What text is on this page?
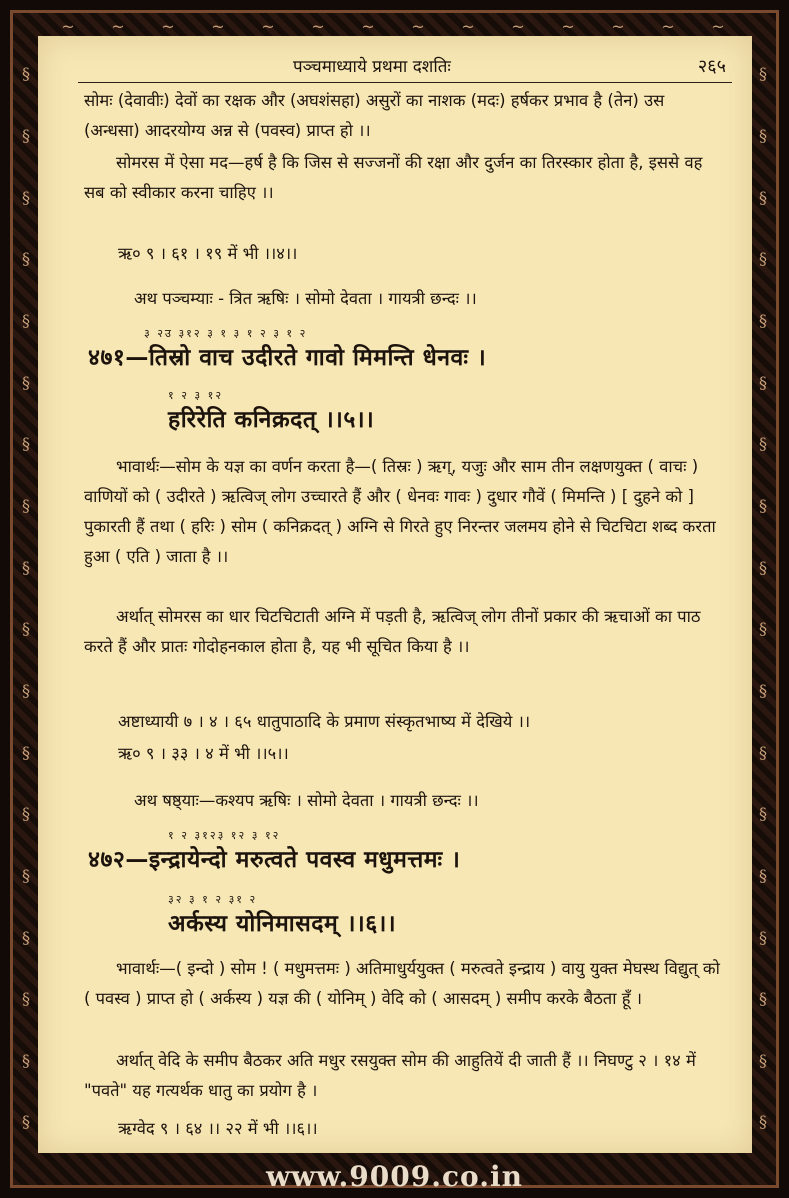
§
§
§
§
§
§
§
§
§
§
§
§
§
§
§
§
§
§
§
§
§
§
§
§
§
§
§
§
§
§
§
§
§
§
§
§
~ ~ ~ ~ ~ ~ ~ ~ ~ ~ ~ ~ ~ ~
पञ्चमाध्याये प्रथमा दशतिः	२६५
सोमः (देवावीः) देवों का रक्षक और (अघशंसहा) असुरों का नाशक (मदः) हर्षकर प्रभाव है (तेन) उस (अन्धसा) आदरयोग्य अन्न से (पवस्व) प्राप्त हो ।।
सोमरस में ऐसा मद—हर्ष है कि जिस से सज्जनों की रक्षा और दुर्जन का तिरस्कार होता है, इससे वह सब को स्वीकार करना चाहिए ।।
ऋ० ९ । ६१ । १९ में भी ।।४।।
अथ पञ्चम्याः - त्रित ऋषिः । सोमो देवता । गायत्री छन्दः ।।
३ २उ ३१२ ३ १ ३ १ २ ३ १ २
४७१—तिस्रो वाच उदीरते गावो मिमन्ति धेनवः ।
१ २ ३ १२
हरिरेति कनिक्रदत् ।।५।।
भावार्थः—सोम के यज्ञ का वर्णन करता है—( तिस्रः ) ऋग्, यजुः और साम तीन लक्षणयुक्त ( वाचः ) वाणियों को ( उदीरते ) ऋत्विज् लोग उच्चारते हैं और ( धेनवः गावः ) दुधार गौवें ( मिमन्ति ) [ दुहने को ] पुकारती हैं तथा ( हरिः ) सोम ( कनिक्रदत् ) अग्नि से गिरते हुए निरन्तर जलमय होने से चिटचिटा शब्द करता हुआ ( एति ) जाता है ।।
अर्थात् सोमरस का धार चिटचिटाती अग्नि में पड़ती है, ऋत्विज् लोग तीनों प्रकार की ऋचाओं का पाठ करते हैं और प्रातः गोदोहनकाल होता है, यह भी सूचित किया है ।।
अष्टाध्यायी ७ । ४ । ६५ धातुपाठादि के प्रमाण संस्कृतभाष्य में देखिये ।।
ऋ० ९ । ३३ । ४ में भी ।।५।।
अथ षष्ठ्याः—कश्यप ऋषिः । सोमो देवता । गायत्री छन्दः ।।
१ २ ३१२३ १२ ३ १२
४७२—इन्द्रायेन्दो मरुत्वते पवस्व मधुमत्तमः ।
३२ ३ १ २ ३१ २
अर्कस्य योनिमासदम् ।।६।।
भावार्थः—( इन्दो ) सोम ! ( मधुमत्तमः ) अतिमाधुर्ययुक्त ( मरुत्वते इन्द्राय ) वायु युक्त मेघस्थ विद्युत् को ( पवस्व ) प्राप्त हो ( अर्कस्य ) यज्ञ की ( योनिम् ) वेदि को ( आसदम् ) समीप करके बैठता हूँ ।
अर्थात् वेदि के समीप बैठकर अति मधुर रसयुक्त सोम की आहुतियें दी जाती हैं ।। निघण्टु २ । १४ में "पवते" यह गत्यर्थक धातु का प्रयोग है ।
ऋग्वेद ९ । ६४ ।। २२ में भी ।।६।।
www.9009.co.in
